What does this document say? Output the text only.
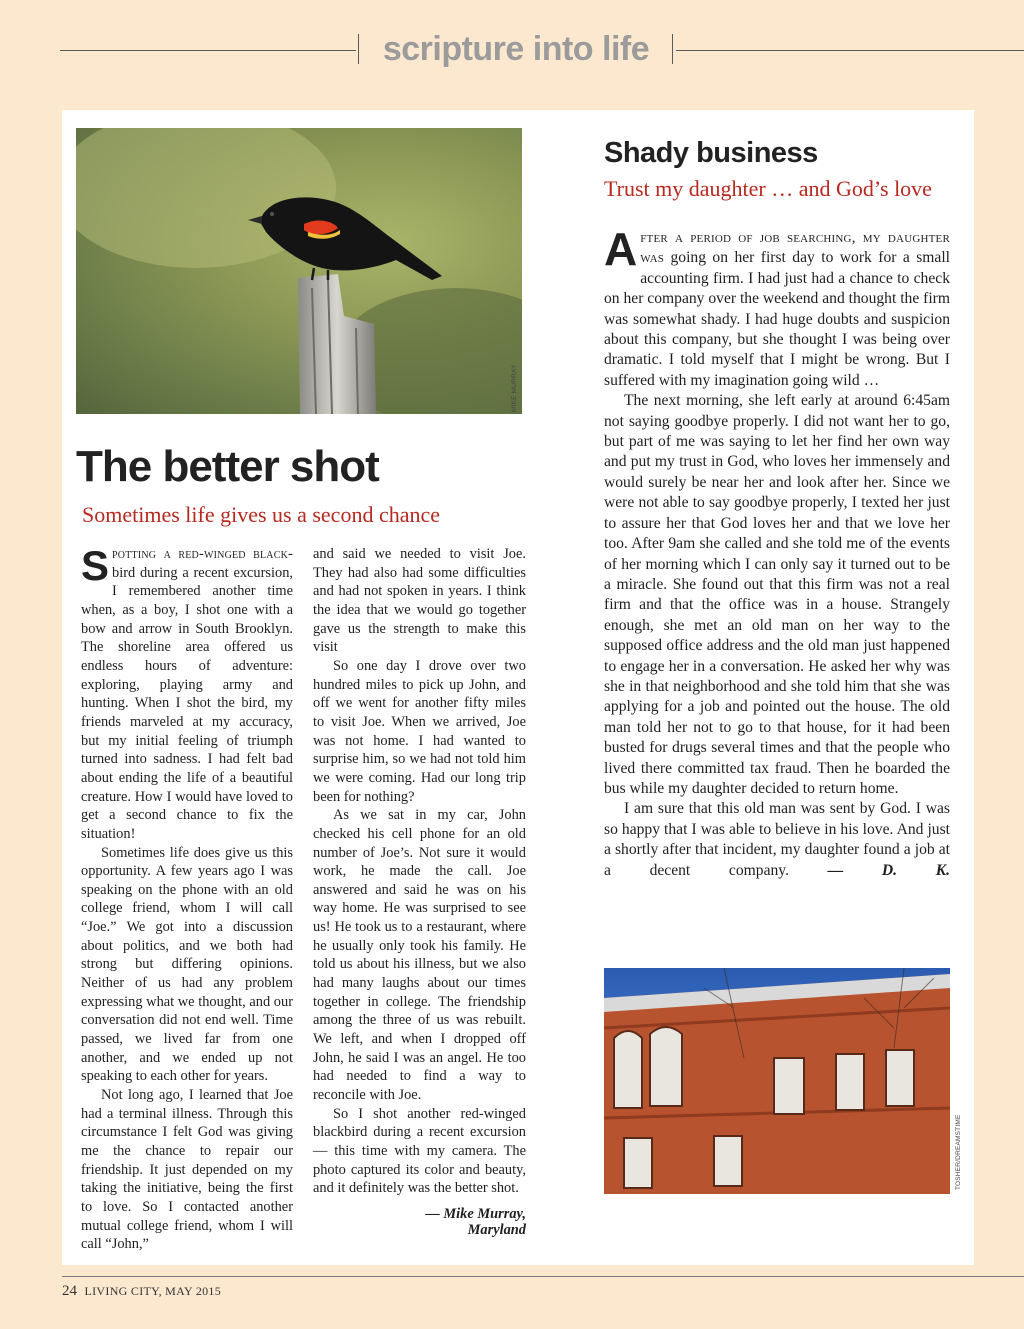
scripture into life
MIKE MURRAY
The better shot
Sometimes life gives us a second chance

Spotting a red-winged black- bird during a recent excursion, I remembered another time when, as a boy, I shot one with a bow and arrow in South Brooklyn. The shoreline area offered us endless hours of adventure: exploring, playing army and hunting. When I shot the bird, my friends marveled at my accuracy, but my initial feeling of triumph turned into sadness. I had felt bad about ending the life of a beautiful creature. How I would have loved to get a second chance to fix the situation!

Sometimes life does give us this opportunity. A few years ago I was speaking on the phone with an old college friend, whom I will call “Joe.” We got into a discussion about politics, and we both had strong but differing opinions. Neither of us had any problem expressing what we thought, and our conversation did not end well. Time passed, we lived far from one another, and we ended up not speaking to each other for years.

Not long ago, I learned that Joe had a terminal illness. Through this circumstance I felt God was giving me the chance to repair our friendship. It just depended on my taking the initiative, being the first to love. So I contacted another mutual college friend, whom I will call “John,”

and said we needed to visit Joe. They had also had some difficulties and had not spoken in years. I think the idea that we would go together gave us the strength to make this visit

So one day I drove over two hundred miles to pick up John, and off we went for another fifty miles to visit Joe. When we arrived, Joe was not home. I had wanted to surprise him, so we had not told him we were coming. Had our long trip been for nothing?

As we sat in my car, John checked his cell phone for an old number of Joe’s. Not sure it would work, he made the call. Joe answered and said he was on his way home. He was surprised to see us! He took us to a restaurant, where he usually only took his family. He told us about his illness, but we also had many laughs about our times together in college. The friendship among the three of us was rebuilt. We left, and when I dropped off John, he said I was an angel. He too had needed to find a way to reconcile with Joe.

So I shot another red-winged blackbird during a recent excursion— this time with my camera. The photo captured its color and beauty, and it definitely was the better shot.

— Mike Murray,
Maryland
Shady business
Trust my daughter … and God’s love

After a period of job searching, my daughter was going on her first day to work for a small accounting firm. I had just had a chance to check on her company over the weekend and thought the firm was somewhat shady. I had huge doubts and suspicion about this company, but she thought I was being over dramatic. I told myself that I might be wrong. But I suffered with my imagination going wild …

The next morning, she left early at around 6:45am not saying goodbye properly. I did not want her to go, but part of me was saying to let her find her own way and put my trust in God, who loves her immensely and would surely be near her and look after her. Since we were not able to say goodbye properly, I texted her just to assure her that God loves her and that we love her too. After 9am she called and she told me of the events of her morning which I can only say it turned out to be a miracle. She found out that this firm was not a real firm and that the office was in a house. Strangely enough, she met an old man on her way to the supposed office address and the old man just happened to engage her in a conversation. He asked her why was she in that neighborhood and she told him that she was applying for a job and pointed out the house. The old man told her not to go to that house, for it had been busted for drugs several times and that the people who lived there committed tax fraud. Then he boarded the bus while my daughter decided to return home.

I am sure that this old man was sent by God. I was so happy that I was able to believe in his love. And just a shortly after that incident, my daughter found a job at a decent company. — D. K.

TOSHER/DREAMSTIME
24 LIVING CITY, MAY 2015
